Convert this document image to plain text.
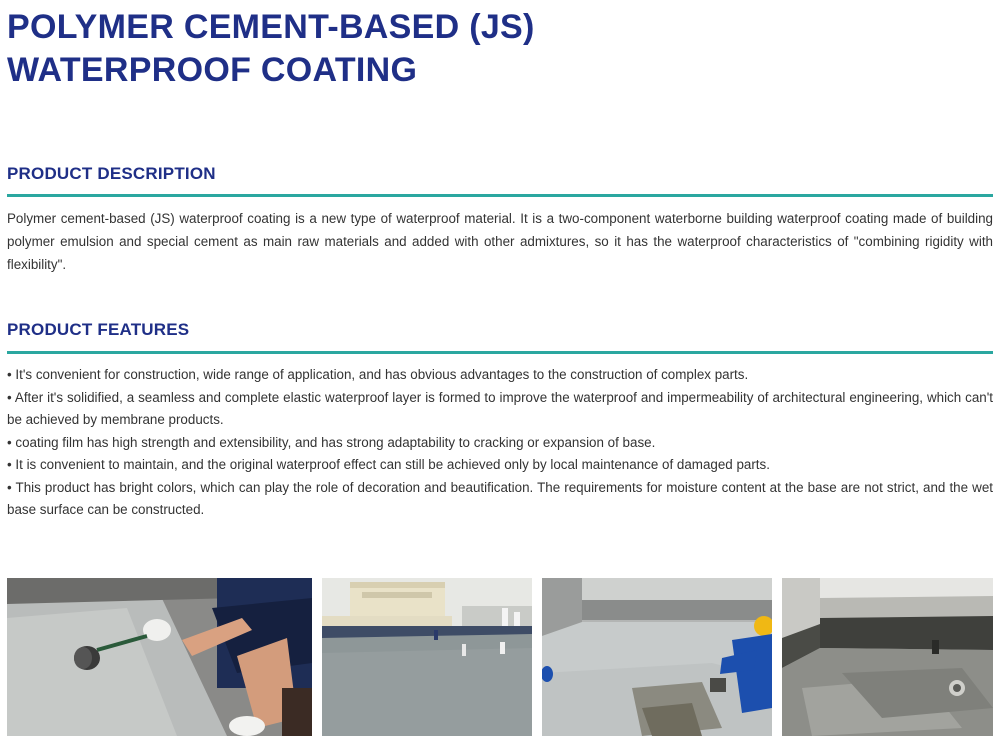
POLYMER CEMENT-BASED (JS)
WATERPROOF COATING
PRODUCT DESCRIPTION

Polymer cement-based (JS) waterproof coating is a new type of waterproof material. It is a two-component waterborne building waterproof coating made of building polymer emulsion and special cement as main raw materials and added with other admixtures, so it has the waterproof characteristics of "combining rigidity with flexibility".

PRODUCT FEATURES
• It's convenient for construction, wide range of application, and has obvious advantages to the construction of complex parts.
• After it's solidified, a seamless and complete elastic waterproof layer is formed to improve the waterproof and impermeability of architectural engineering, which can't be achieved by membrane products.
• coating film has high strength and extensibility, and has strong adaptability to cracking or expansion of base.
• It is convenient to maintain, and the original waterproof effect can still be achieved only by local maintenance of damaged parts.
• This product has bright colors, which can play the role of decoration and beautification. The requirements for moisture content at the base are not strict, and the wet base surface can be constructed.
